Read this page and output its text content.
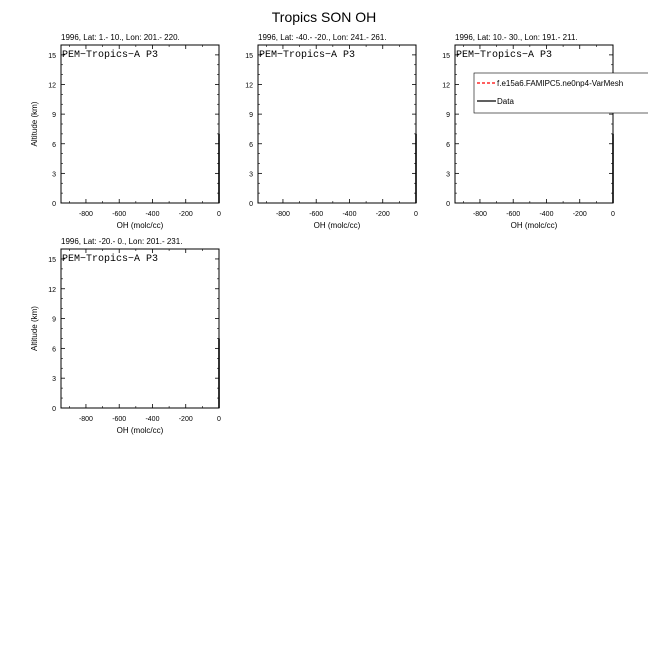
Tropics SON OH
1996, Lat: 1.- 10., Lon: 201.- 220.
PEM−Tropics−A P3
-800	-600	-400	-200	0
0
3
6
9
12
15
OH (molc/cc)
Altitude (km)
1996, Lat: -40.- -20., Lon: 241.- 261.
PEM−Tropics−A P3
-800	-600	-400	-200	0
0
3
6
9
12
15
OH (molc/cc)
1996, Lat: 10.- 30., Lon: 191.- 211.
PEM−Tropics−A P3
-800	-600	-400	-200	0
0
3
6
9
12
15
OH (molc/cc)
f.e15a6.FAMIPC5.ne0np4-VarMesh
Data
1996, Lat: -20.- 0., Lon: 201.- 231.
PEM−Tropics−A P3
-800	-600	-400	-200	0
0
3
6
9
12
15
OH (molc/cc)
Altitude (km)
